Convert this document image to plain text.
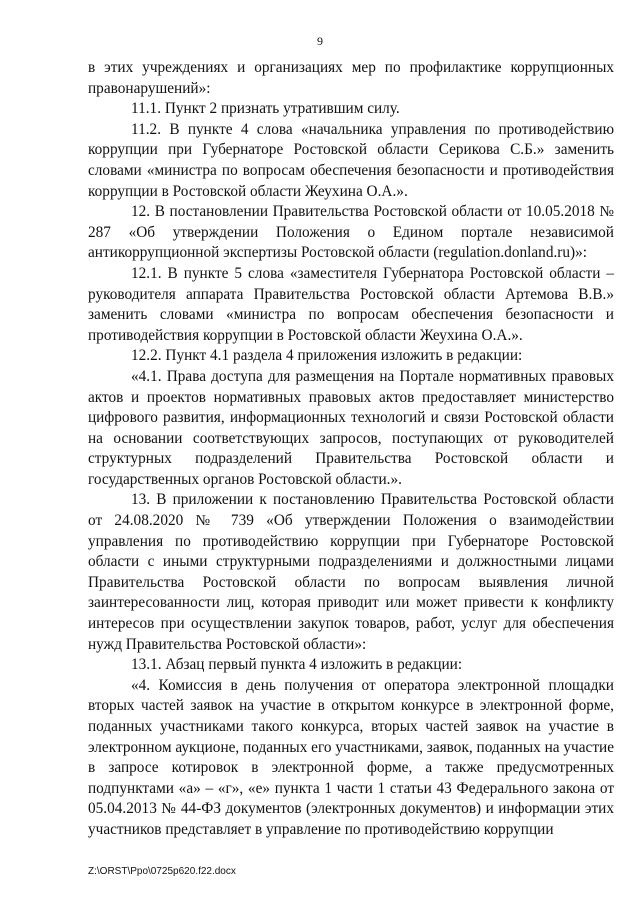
9

в этих учреждениях и организациях мер по профилактике коррупционных правонарушений»:

11.1. Пункт 2 признать утратившим силу.

11.2. В пункте 4 слова «начальника управления по противодействию коррупции при Губернаторе Ростовской области Серикова С.Б.» заменить словами «министра по вопросам обеспечения безопасности и противодействия коррупции в Ростовской области Жеухина О.А.».

12. В постановлении Правительства Ростовской области от 10.05.2018 № 287 «Об утверждении Положения о Едином портале независимой антикоррупционной экспертизы Ростовской области (regulation.donland.ru)»:

12.1. В пункте 5 слова «заместителя Губернатора Ростовской области – руководителя аппарата Правительства Ростовской области Артемова В.В.» заменить словами «министра по вопросам обеспечения безопасности и противодействия коррупции в Ростовской области Жеухина О.А.».

12.2. Пункт 4.1 раздела 4 приложения изложить в редакции:

«4.1. Права доступа для размещения на Портале нормативных правовых актов и проектов нормативных правовых актов предоставляет министерство цифрового развития, информационных технологий и связи Ростовской области на основании соответствующих запросов, поступающих от руководителей структурных подразделений Правительства Ростовской области и государственных органов Ростовской области.».

13. В приложении к постановлению Правительства Ростовской области от 24.08.2020 № 739 «Об утверждении Положения о взаимодействии управления по противодействию коррупции при Губернаторе Ростовской области с иными структурными подразделениями и должностными лицами Правительства Ростовской области по вопросам выявления личной заинтересованности лиц, которая приводит или может привести к конфликту интересов при осуществлении закупок товаров, работ, услуг для обеспечения нужд Правительства Ростовской области»:

13.1. Абзац первый пункта 4 изложить в редакции:

«4. Комиссия в день получения от оператора электронной площадки вторых частей заявок на участие в открытом конкурсе в электронной форме, поданных участниками такого конкурса, вторых частей заявок на участие в электронном аукционе, поданных его участниками, заявок, поданных на участие в запросе котировок в электронной форме, а также предусмотренных подпунктами «а» – «г», «е» пункта 1 части 1 статьи 43 Федерального закона от 05.04.2013 № 44-ФЗ документов (электронных документов) и информации этих участников представляет в управление по противодействию коррупции

Z:\ORST\Ppo\0725p620.f22.docx
